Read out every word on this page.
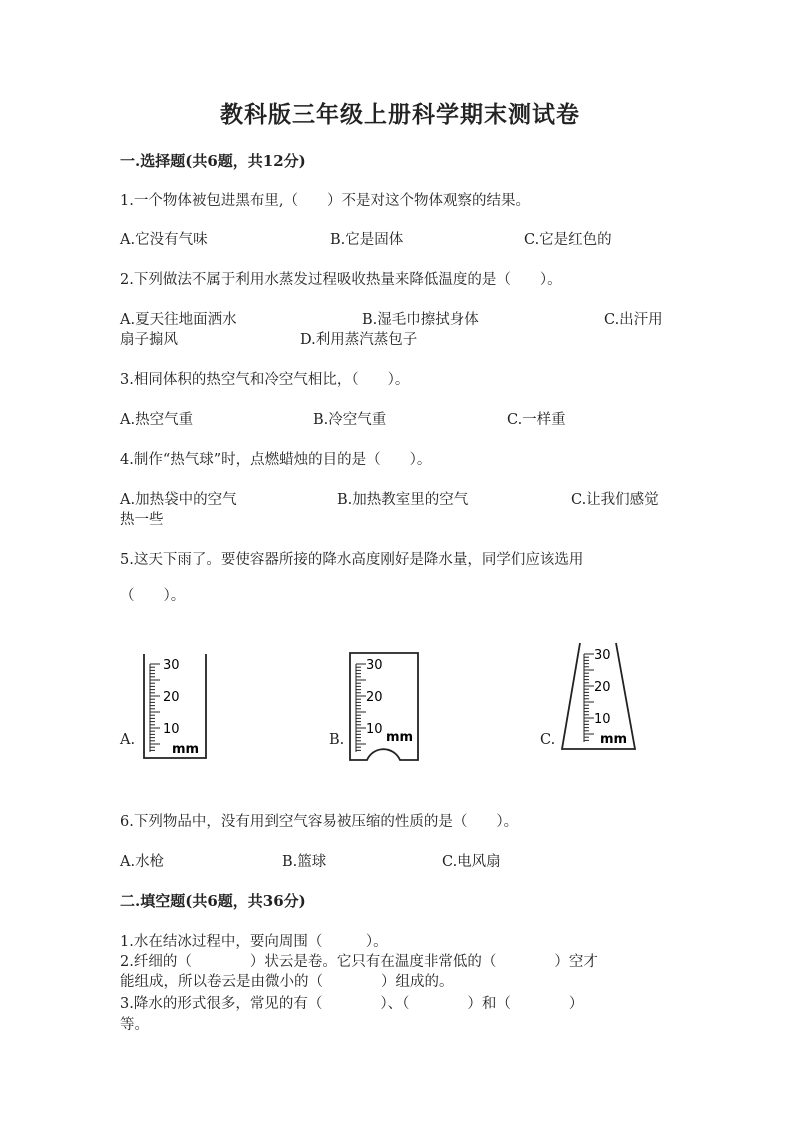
教科版三年级上册科学期末测试卷
一.选择题(共6题，共12分)
1.一个物体被包进黑布里,（　　）不是对这个物体观察的结果。
A.它没有气味	B.它是固体	C.它是红色的
2.下列做法不属于利用水蒸发过程吸收热量来降低温度的是（　　）。
A.夏天往地面洒水	B.湿毛巾擦拭身体	C.出汗用
扇子搧风	D.利用蒸汽蒸包子
3.相同体积的热空气和冷空气相比，（　　）。
A.热空气重	B.冷空气重	C.一样重
4.制作“热气球”时，点燃蜡烛的目的是（　　）。
A.加热袋中的空气	B.加热教室里的空气	C.让我们感觉
热一些
5.这天下雨了。要使容器所接的降水高度刚好是降水量，同学们应该选用
（　　）。
A.	B.	C.
30
20
10
mm
30
20
10
mm
30
20
10
mm
6.下列物品中，没有用到空气容易被压缩的性质的是（　　）。
A.水枪	B.篮球	C.电风扇
二.填空题(共6题，共36分)
1.水在结冰过程中，要向周围（　　　）。
2.纤细的（　　　　）状云是卷。它只有在温度非常低的（　　　　）空才
能组成，所以卷云是由微小的（　　　　）组成的。
3.降水的形式很多，常见的有（　　　　）、（　　　　）和（　　　　）
等。
